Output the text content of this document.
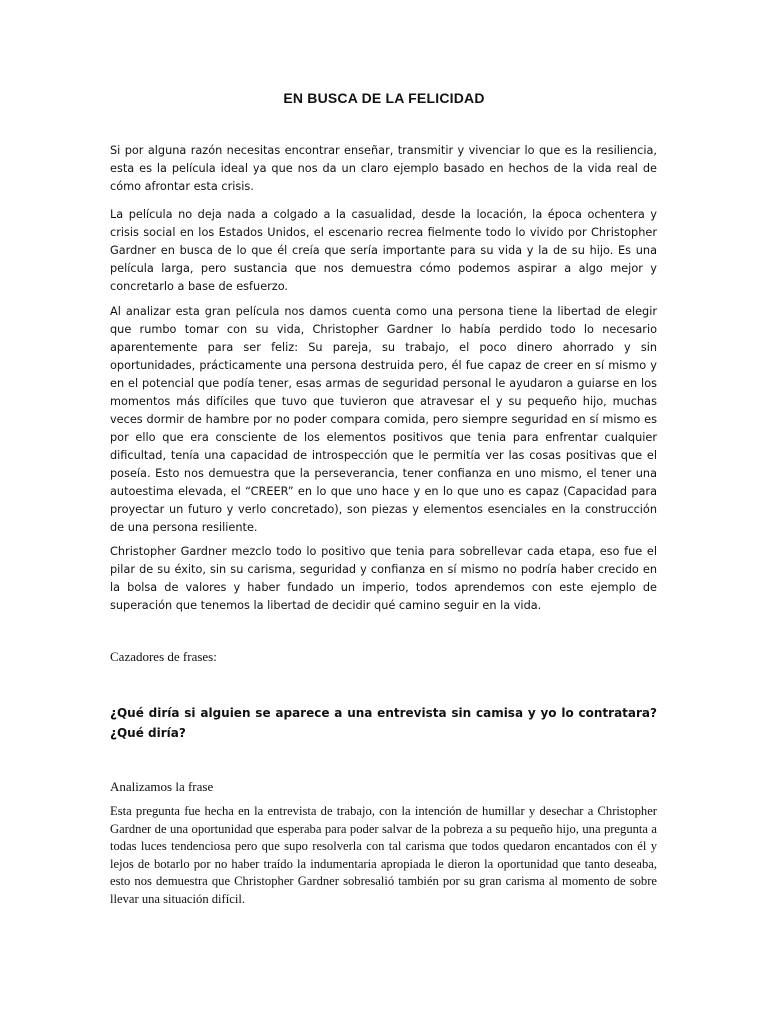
EN BUSCA DE LA FELICIDAD

Si por alguna razón necesitas encontrar enseñar, transmitir y vivenciar lo que es la resiliencia, esta es la película ideal ya que nos da un claro ejemplo basado en hechos de la vida real de cómo afrontar esta crisis.

La película no deja nada a colgado a la casualidad, desde la locación, la época ochentera y crisis social en los Estados Unidos, el escenario recrea fielmente todo lo vivido por Christopher Gardner en busca de lo que él creía que sería importante para su vida y la de su hijo. Es una película larga, pero sustancia que nos demuestra cómo podemos aspirar a algo mejor y concretarlo a base de esfuerzo.

Al analizar esta gran película nos damos cuenta como una persona tiene la libertad de elegir que rumbo tomar con su vida, Christopher Gardner lo había perdido todo lo necesario aparentemente para ser feliz: Su pareja, su trabajo, el poco dinero ahorrado y sin oportunidades, prácticamente una persona destruida pero, él fue capaz de creer en sí mismo y en el potencial que podía tener, esas armas de seguridad personal le ayudaron a guiarse en los momentos más difíciles que tuvo que tuvieron que atravesar el y su pequeño hijo, muchas veces dormir de hambre por no poder compara comida, pero siempre seguridad en sí mismo es por ello que era consciente de los elementos positivos que tenia para enfrentar cualquier dificultad, tenía una capacidad de introspección que le permitía ver las cosas positivas que el poseía. Esto nos demuestra que la perseverancia, tener confianza en uno mismo, el tener una autoestima elevada, el “CREER” en lo que uno hace y en lo que uno es capaz (Capacidad para proyectar un futuro y verlo concretado), son piezas y elementos esenciales en la construcción de una persona resiliente.

Christopher Gardner mezclo todo lo positivo que tenia para sobrellevar cada etapa, eso fue el pilar de su éxito, sin su carisma, seguridad y confianza en sí mismo no podría haber crecido en la bolsa de valores y haber fundado un imperio, todos aprendemos con este ejemplo de superación que tenemos la libertad de decidir qué camino seguir en la vida.

Cazadores de frases:

¿Qué diría si alguien se aparece a una entrevista sin camisa y yo lo contratara? ¿Qué diría?

Analizamos la frase

Esta pregunta fue hecha en la entrevista de trabajo, con la intención de humillar y desechar a Christopher Gardner de una oportunidad que esperaba para poder salvar de la pobreza a su pequeño hijo, una pregunta a todas luces tendenciosa pero que supo resolverla con tal carisma que todos quedaron encantados con él y lejos de botarlo por no haber traído la indumentaria apropiada le dieron la oportunidad que tanto deseaba, esto nos demuestra que Christopher Gardner sobresalió también por su gran carisma al momento de sobre llevar una situación difícil.
